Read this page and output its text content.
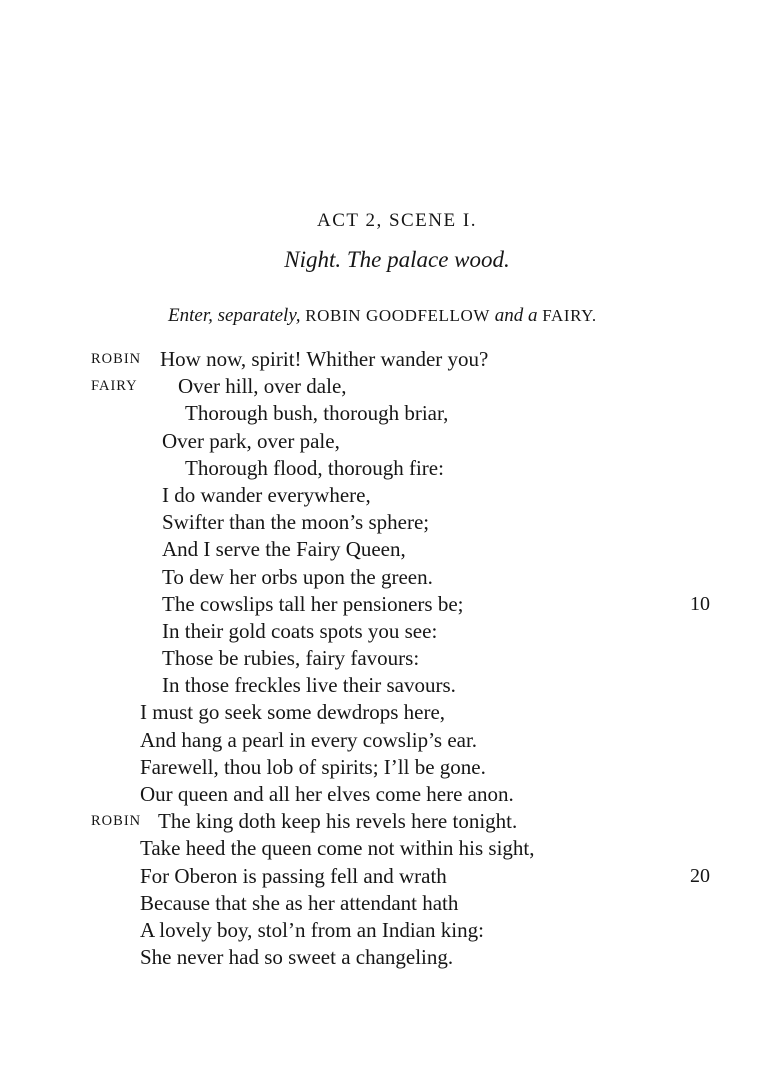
ACT 2, SCENE I.
Night. The palace wood.
Enter, separately, ROBIN GOODFELLOW and a FAIRY.
ROBIN How now, spirit! Whither wander you?
FAIRY Over hill, over dale,
Thorough bush, thorough briar,
Over park, over pale,
Thorough flood, thorough fire:
I do wander everywhere,
Swifter than the moon’s sphere;
And I serve the Fairy Queen,
To dew her orbs upon the green.
The cowslips tall her pensioners be;	10
In their gold coats spots you see:
Those be rubies, fairy favours:
In those freckles live their savours.
I must go seek some dewdrops here,
And hang a pearl in every cowslip’s ear.
Farewell, thou lob of spirits; I’ll be gone.
Our queen and all her elves come here anon.
ROBIN The king doth keep his revels here tonight.
Take heed the queen come not within his sight,
For Oberon is passing fell and wrath	20
Because that she as her attendant hath
A lovely boy, stol’n from an Indian king:
She never had so sweet a changeling.
